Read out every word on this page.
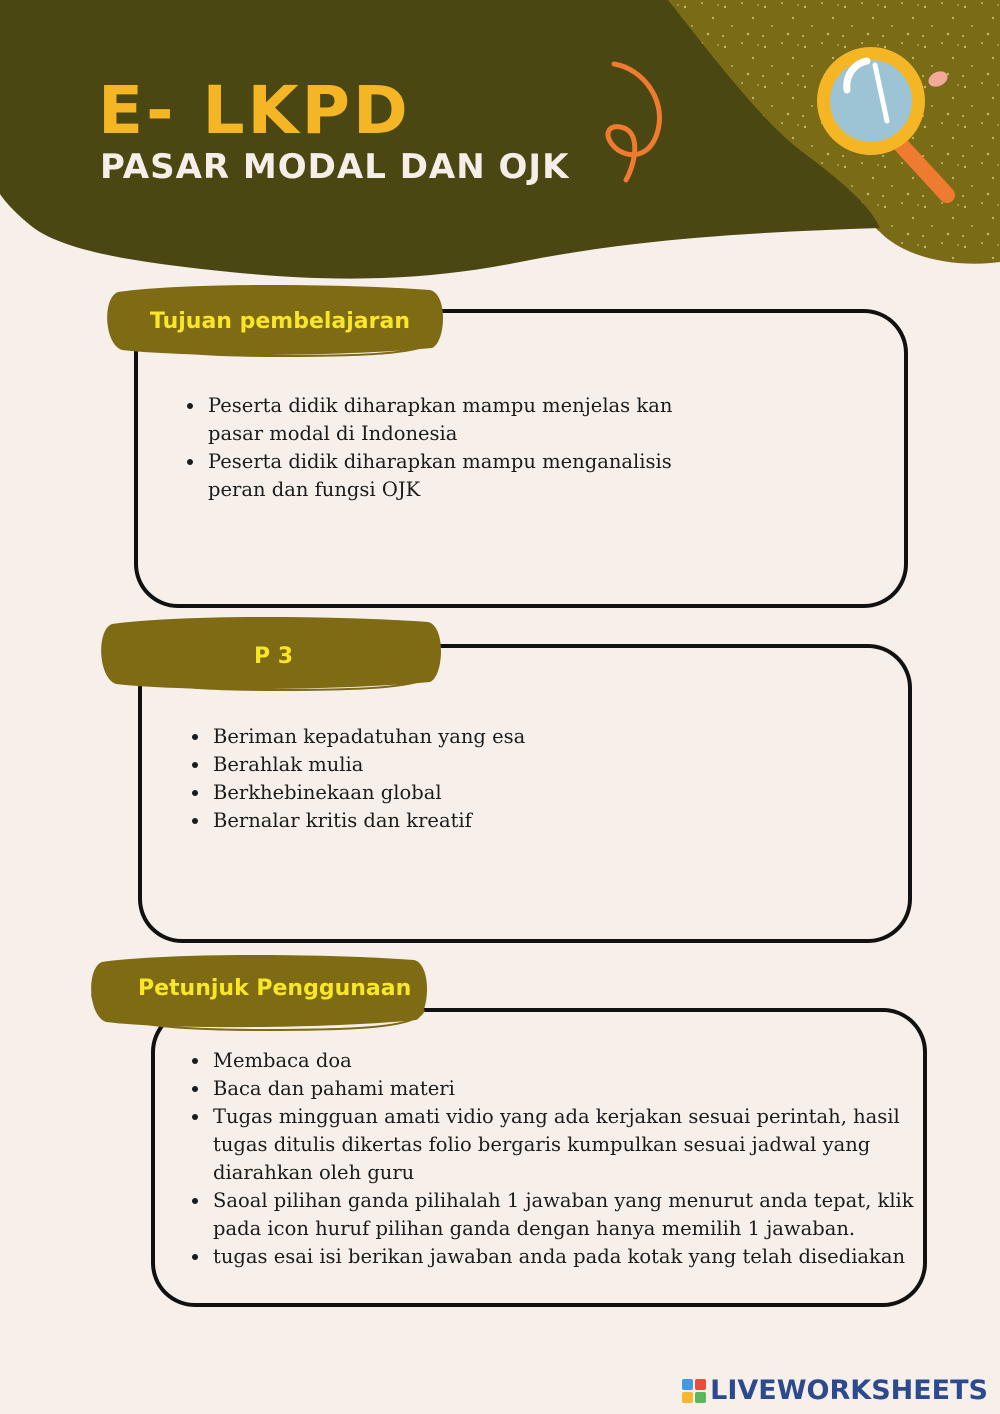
E- LKPD
PASAR MODAL DAN OJK

Tujuan pembelajaran

• Peserta didik diharapkan mampu menjelas kan pasar modal di Indonesia
• Peserta didik diharapkan mampu menganalisis peran dan fungsi OJK

P 3

• Beriman kepadatuhan yang esa
• Berahlak mulia
• Berkhebinekaan global
• Bernalar kritis dan kreatif

Petunjuk Penggunaan

• Membaca doa
• Baca dan pahami materi
• Tugas mingguan amati vidio yang ada kerjakan sesuai perintah, hasil tugas ditulis dikertas folio bergaris kumpulkan sesuai jadwal yang diarahkan oleh guru
• Saoal pilihan ganda pilihalah 1 jawaban yang menurut anda tepat, klik pada icon huruf pilihan ganda dengan hanya memilih 1 jawaban.
• tugas esai isi berikan jawaban anda pada kotak yang telah disediakan
LIVEWORKSHEETS
